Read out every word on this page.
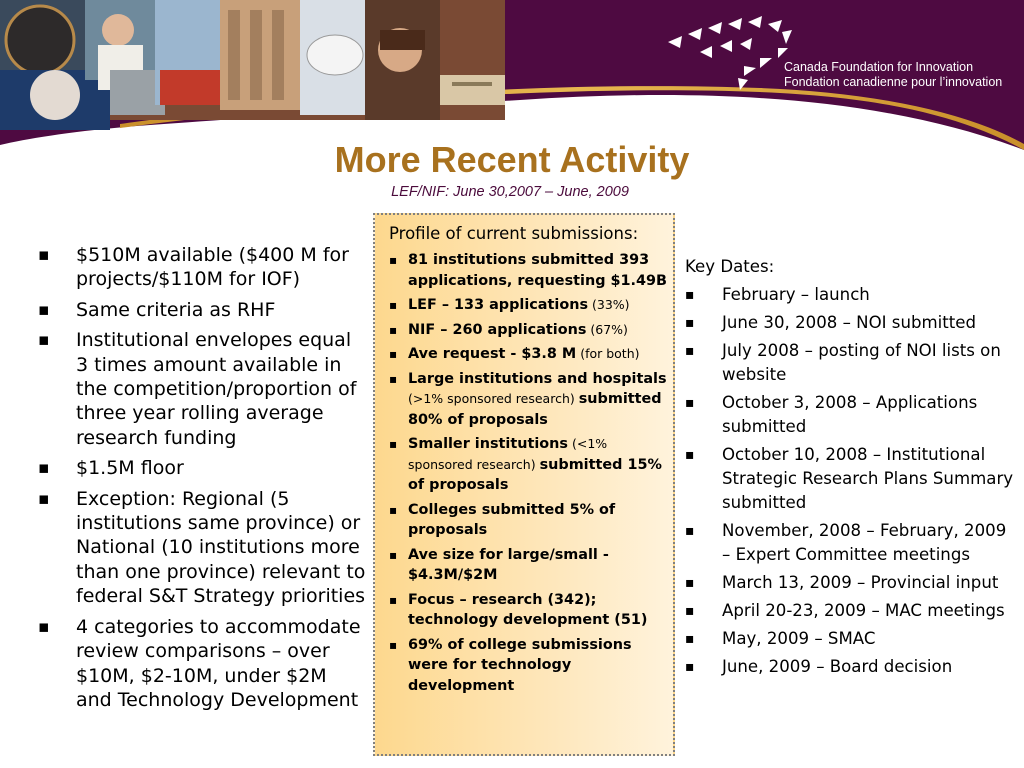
Canada Foundation for Innovation
Fondation canadienne pour l’innovation
More Recent Activity
LEF/NIF: June 30,2007 – June, 2009
▪ $510M available ($400 M for projects/$110M for IOF)
▪ Same criteria as RHF
▪ Institutional envelopes equal 3 times amount available in the competition/proportion of three year rolling average research funding
▪ $1.5M floor
▪ Exception: Regional (5 institutions same province) or National (10 institutions more than one province) relevant to federal S&T Strategy priorities
▪ 4 categories to accommodate review comparisons – over $10M, $2-10M, under $2M and Technology Development
Profile of current submissions:
▪ 81 institutions submitted 393 applications, requesting $1.49B
▪ LEF – 133 applications (33%)
▪ NIF – 260 applications (67%)
▪ Ave request - $3.8 M (for both)
▪ Large institutions and hospitals (>1% sponsored research) submitted 80% of proposals
▪ Smaller institutions (<1% sponsored research) submitted 15% of proposals
▪ Colleges submitted 5% of proposals
▪ Ave size for large/small - $4.3M/$2M
▪ Focus – research (342); technology development (51)
▪ 69% of college submissions were for technology development
Key Dates:
▪ February – launch
▪ June 30, 2008 – NOI submitted
▪ July 2008 – posting of NOI lists on website
▪ October 3, 2008 – Applications submitted
▪ October 10, 2008 – Institutional Strategic Research Plans Summary submitted
▪ November, 2008 – February, 2009 – Expert Committee meetings
▪ March 13, 2009 – Provincial input
▪ April 20-23, 2009 – MAC meetings
▪ May, 2009 – SMAC
▪ June, 2009 – Board decision
